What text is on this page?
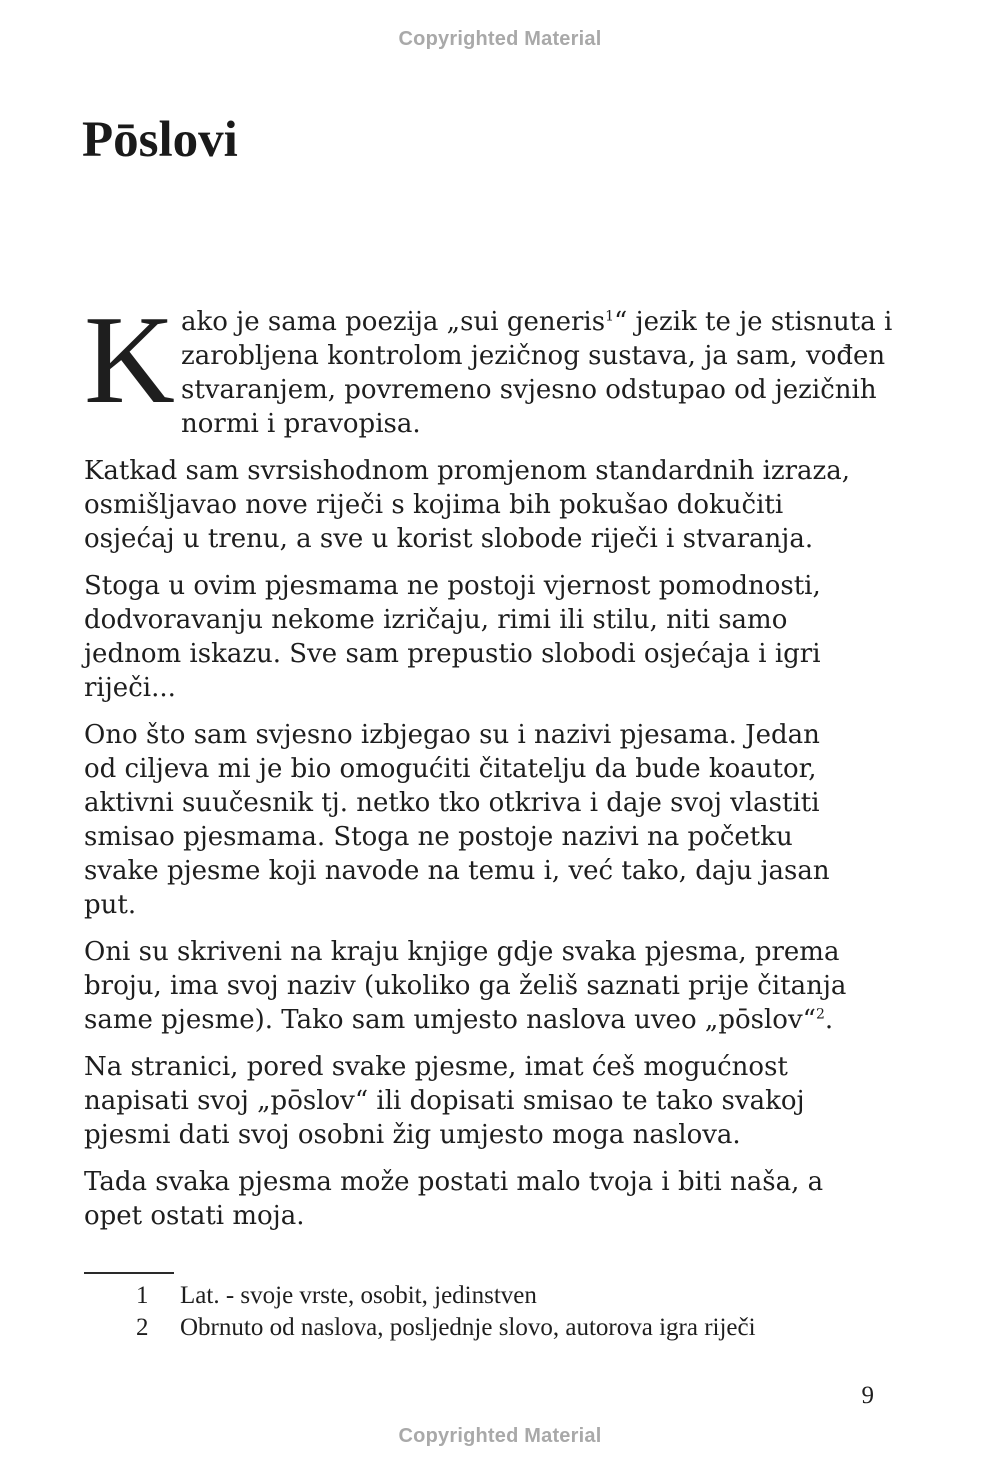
Copyrighted Material
Pōslovi

K ako je sama poezija „sui generis$^1$“ jezik te je stisnuta i
zarobljena kontrolom jezičnog sustava, ja sam, vođen
stvaranjem, povremeno svjesno odstupao od jezičnih
normi i pravopisa.

Katkad sam svrsishodnom promjenom standardnih izraza,
osmišljavao nove riječi s kojima bih pokušao dokučiti
osjećaj u trenu, a sve u korist slobode riječi i stvaranja.

Stoga u ovim pjesmama ne postoji vjernost pomodnosti,
dodvoravanju nekome izričaju, rimi ili stilu, niti samo
jednom iskazu. Sve sam prepustio slobodi osjećaja i igri
riječi...

Ono što sam svjesno izbjegao su i nazivi pjesama. Jedan
od ciljeva mi je bio omogućiti čitatelju da bude koautor,
aktivni suučesnik tj. netko tko otkriva i daje svoj vlastiti
smisao pjesmama. Stoga ne postoje nazivi na početku
svake pjesme koji navode na temu i, već tako, daju jasan
put.

Oni su skriveni na kraju knjige gdje svaka pjesma, prema
broju, ima svoj naziv (ukoliko ga želiš saznati prije čitanja
same pjesme). Tako sam umjesto naslova uveo „pōslov“$^2$.

Na stranici, pored svake pjesme, imat ćeš mogućnost
napisati svoj „pōslov“ ili dopisati smisao te tako svakoj
pjesmi dati svoj osobni žig umjesto moga naslova.

Tada svaka pjesma može postati malo tvoja i biti naša, a
opet ostati moja.

1	Lat. - svoje vrste, osobit, jedinstven
2	Obrnuto od naslova, posljednje slovo, autorova igra riječi
9
Copyrighted Material
